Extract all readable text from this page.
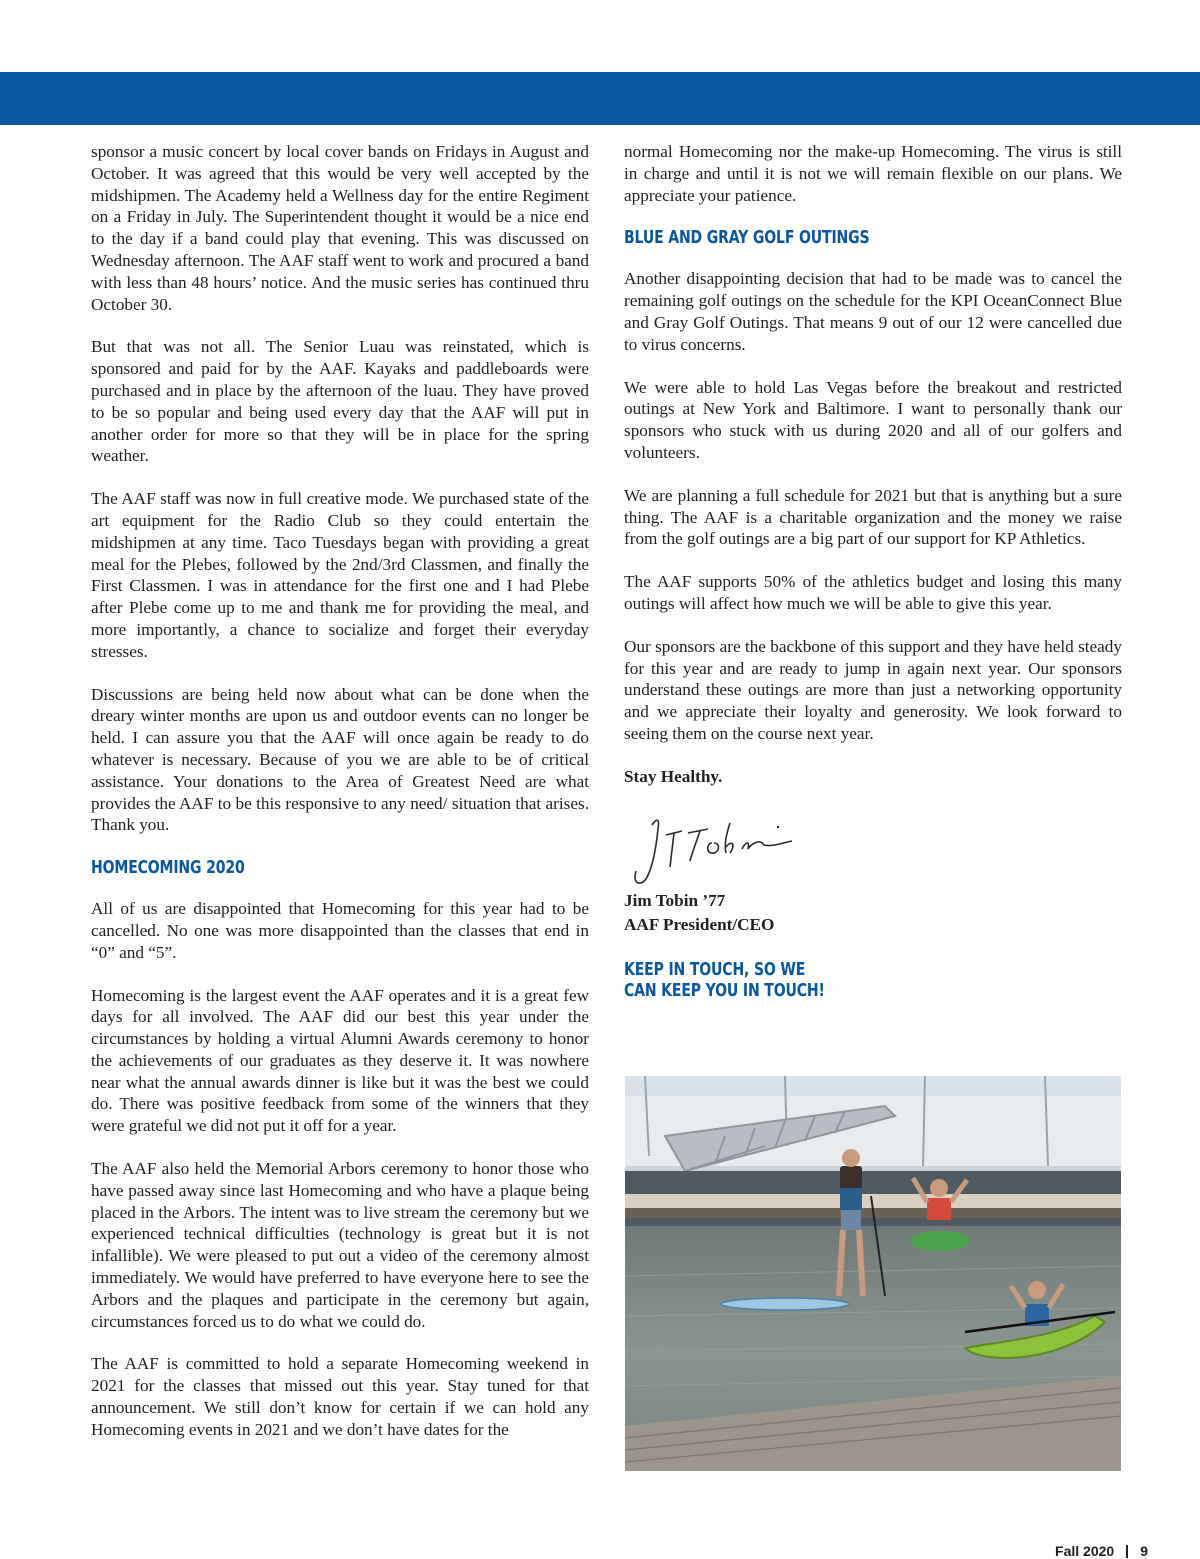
sponsor a music concert by local cover bands on Fridays in August and October. It was agreed that this would be very well accepted by the midshipmen. The Academy held a Wellness day for the entire Regiment on a Friday in July. The Superintendent thought it would be a nice end to the day if a band could play that evening. This was discussed on Wednesday afternoon. The AAF staff went to work and procured a band with less than 48 hours’ notice. And the music series has continued thru October 30.

But that was not all. The Senior Luau was reinstated, which is sponsored and paid for by the AAF. Kayaks and paddleboards were purchased and in place by the afternoon of the luau. They have proved to be so popular and being used every day that the AAF will put in another order for more so that they will be in place for the spring weather.

The AAF staff was now in full creative mode. We purchased state of the art equipment for the Radio Club so they could entertain the midshipmen at any time. Taco Tuesdays began with providing a great meal for the Plebes, followed by the 2nd/3rd Classmen, and finally the First Classmen. I was in attendance for the first one and I had Plebe after Plebe come up to me and thank me for providing the meal, and more importantly, a chance to socialize and forget their everyday stresses.

Discussions are being held now about what can be done when the dreary winter months are upon us and outdoor events can no longer be held. I can assure you that the AAF will once again be ready to do whatever is necessary. Because of you we are able to be of critical assistance. Your donations to the Area of Greatest Need are what provides the AAF to be this responsive to any need/ situation that arises. Thank you.

HOMECOMING 2020

All of us are disappointed that Homecoming for this year had to be cancelled. No one was more disappointed than the classes that end in “0” and “5”.

Homecoming is the largest event the AAF operates and it is a great few days for all involved. The AAF did our best this year under the circumstances by holding a virtual Alumni Awards ceremony to honor the achievements of our graduates as they deserve it. It was nowhere near what the annual awards dinner is like but it was the best we could do. There was positive feedback from some of the winners that they were grateful we did not put it off for a year.

The AAF also held the Memorial Arbors ceremony to honor those who have passed away since last Homecoming and who have a plaque being placed in the Arbors. The intent was to live stream the ceremony but we experienced technical difficulties (technology is great but it is not infallible). We were pleased to put out a video of the ceremony almost immediately. We would have preferred to have everyone here to see the Arbors and the plaques and participate in the ceremony but again, circumstances forced us to do what we could do.

The AAF is committed to hold a separate Homecoming weekend in 2021 for the classes that missed out this year. Stay tuned for that announcement. We still don’t know for certain if we can hold any Homecoming events in 2021 and we don’t have dates for the

normal Homecoming nor the make-up Homecoming. The virus is still in charge and until it is not we will remain flexible on our plans. We appreciate your patience.

BLUE AND GRAY GOLF OUTINGS

Another disappointing decision that had to be made was to cancel the remaining golf outings on the schedule for the KPI OceanConnect Blue and Gray Golf Outings. That means 9 out of our 12 were cancelled due to virus concerns.

We were able to hold Las Vegas before the breakout and restricted outings at New York and Baltimore. I want to personally thank our sponsors who stuck with us during 2020 and all of our golfers and volunteers.

We are planning a full schedule for 2021 but that is anything but a sure thing. The AAF is a charitable organization and the money we raise from the golf outings are a big part of our support for KP Athletics.

The AAF supports 50% of the athletics budget and losing this many outings will affect how much we will be able to give this year.

Our sponsors are the backbone of this support and they have held steady for this year and are ready to jump in again next year. Our sponsors understand these outings are more than just a networking opportunity and we appreciate their loyalty and generosity. We look forward to seeing them on the course next year.

Stay Healthy.

Jim Tobin ’77

AAF President/CEO

KEEP IN TOUCH, SO WE
CAN KEEP YOU IN TOUCH!
Fall 2020 9
